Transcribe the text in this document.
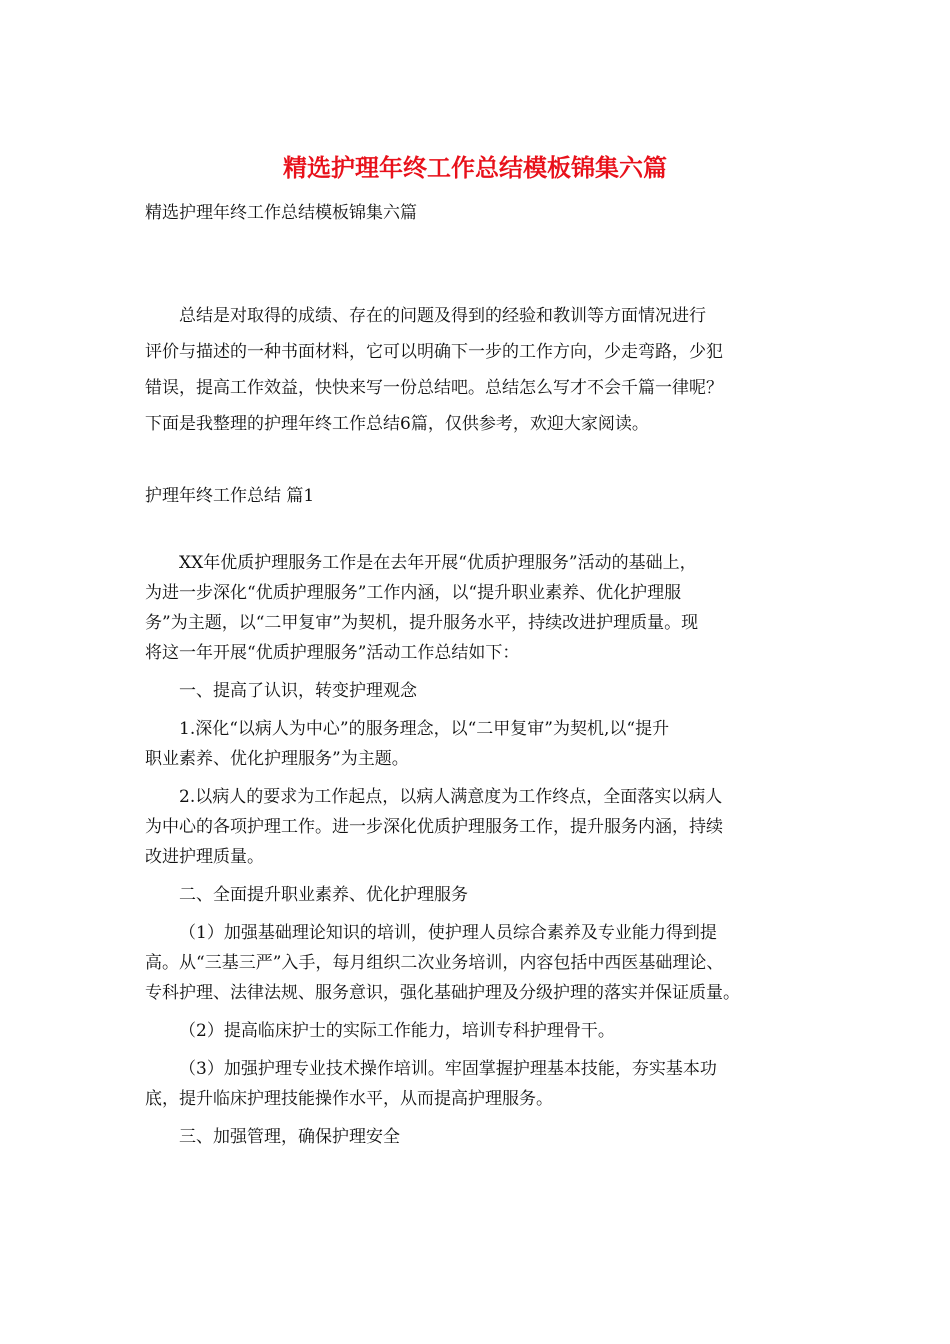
精选护理年终工作总结模板锦集六篇
精选护理年终工作总结模板锦集六篇
总结是对取得的成绩、存在的问题及得到的经验和教训等方面情况进行
评价与描述的一种书面材料，它可以明确下一步的工作方向，少走弯路，少犯
错误，提高工作效益，快快来写一份总结吧。总结怎么写才不会千篇一律呢？
下面是我整理的护理年终工作总结6篇，仅供参考，欢迎大家阅读。
护理年终工作总结 篇1
XX年优质护理服务工作是在去年开展“优质护理服务”活动的基础上，
为进一步深化“优质护理服务”工作内涵，以“提升职业素养、优化护理服
务”为主题，以“二甲复审”为契机，提升服务水平，持续改进护理质量。现
将这一年开展“优质护理服务”活动工作总结如下：
一、提高了认识，转变护理观念
1.深化“以病人为中心”的服务理念，以“二甲复审”为契机,以“提升
职业素养、优化护理服务”为主题。
2.以病人的要求为工作起点，以病人满意度为工作终点，全面落实以病人
为中心的各项护理工作。进一步深化优质护理服务工作，提升服务内涵，持续
改进护理质量。
二、全面提升职业素养、优化护理服务
（1）加强基础理论知识的培训，使护理人员综合素养及专业能力得到提
高。从“三基三严”入手，每月组织二次业务培训，内容包括中西医基础理论、
专科护理、法律法规、服务意识，强化基础护理及分级护理的落实并保证质量。
（2）提高临床护士的实际工作能力，培训专科护理骨干。
（3）加强护理专业技术操作培训。牢固掌握护理基本技能，夯实基本功
底，提升临床护理技能操作水平，从而提高护理服务。
三、加强管理，确保护理安全
